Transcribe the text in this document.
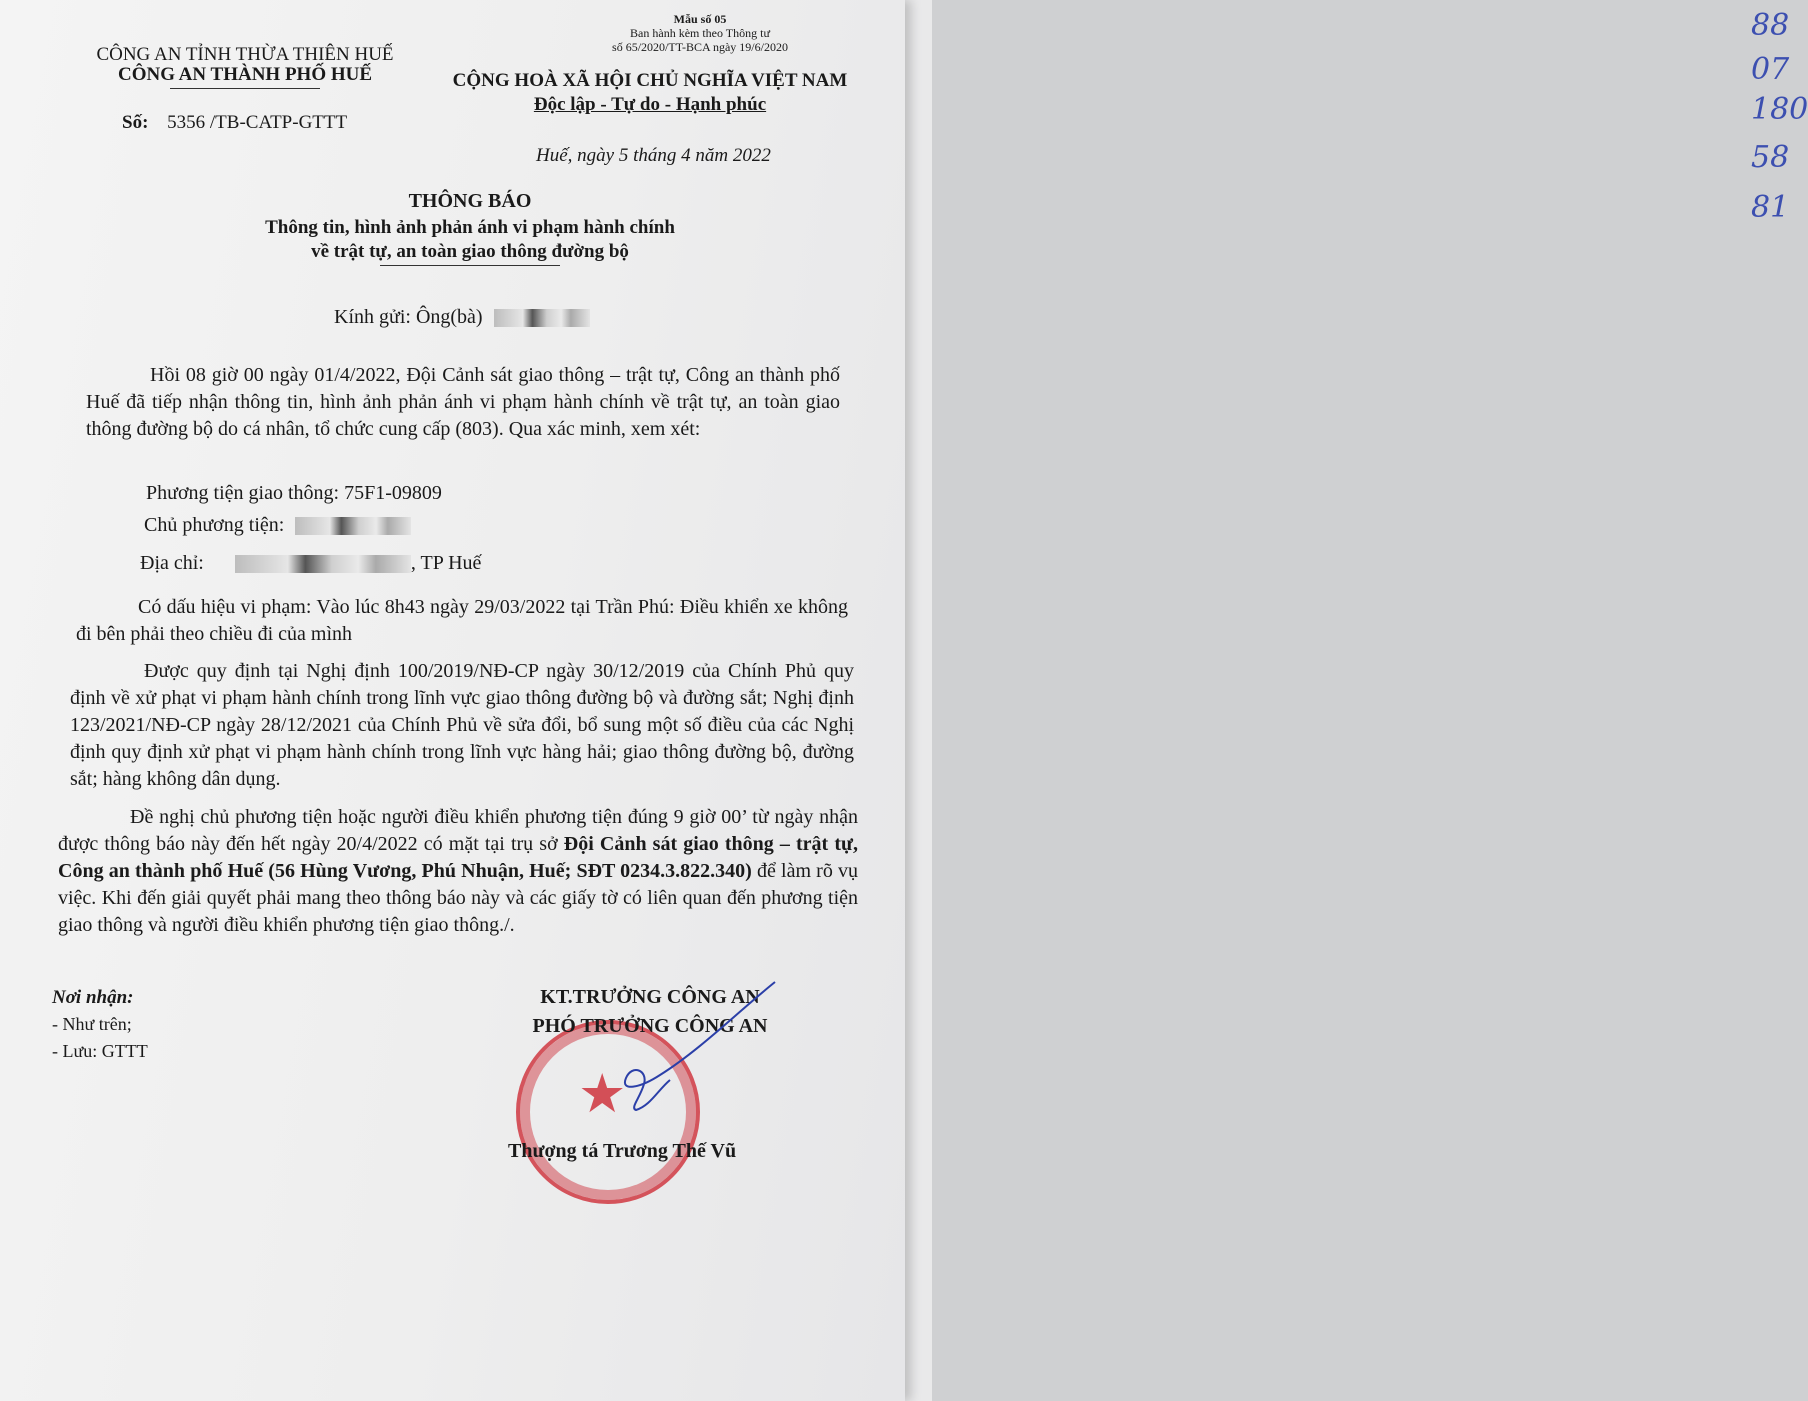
88
07
180
58
81
Mẫu số 05
Ban hành kèm theo Thông tư
số 65/2020/TT-BCA ngày 19/6/2020
CÔNG AN TỈNH THỪA THIÊN HUẾ
CÔNG AN THÀNH PHỐ HUẾ
Số: 5356 /TB-CATP-GTTT
CỘNG HOÀ XÃ HỘI CHỦ NGHĨA VIỆT NAM
Độc lập - Tự do - Hạnh phúc
Huế, ngày 5 tháng 4 năm 2022
THÔNG BÁO
Thông tin, hình ảnh phản ánh vi phạm hành chính
về trật tự, an toàn giao thông đường bộ
Kính gửi: Ông(bà)
Hồi 08 giờ 00 ngày 01/4/2022, Đội Cảnh sát giao thông – trật tự, Công an thành phố Huế đã tiếp nhận thông tin, hình ảnh phản ánh vi phạm hành chính về trật tự, an toàn giao thông đường bộ do cá nhân, tổ chức cung cấp (803). Qua xác minh, xem xét:
Phương tiện giao thông: 75F1-09809
Chủ phương tiện:
Địa chỉ:	, TP Huế
Có dấu hiệu vi phạm: Vào lúc 8h43 ngày 29/03/2022 tại Trần Phú: Điều khiển xe không đi bên phải theo chiều đi của mình
Được quy định tại Nghị định 100/2019/NĐ-CP ngày 30/12/2019 của Chính Phủ quy định về xử phạt vi phạm hành chính trong lĩnh vực giao thông đường bộ và đường sắt; Nghị định 123/2021/NĐ-CP ngày 28/12/2021 của Chính Phủ về sửa đổi, bổ sung một số điều của các Nghị định quy định xử phạt vi phạm hành chính trong lĩnh vực hàng hải; giao thông đường bộ, đường sắt; hàng không dân dụng.
Đề nghị chủ phương tiện hoặc người điều khiển phương tiện đúng 9 giờ 00’ từ ngày nhận được thông báo này đến hết ngày 20/4/2022 có mặt tại trụ sở Đội Cảnh sát giao thông – trật tự, Công an thành phố Huế (56 Hùng Vương, Phú Nhuận, Huế; SĐT 0234.3.822.340) để làm rõ vụ việc. Khi đến giải quyết phải mang theo thông báo này và các giấy tờ có liên quan đến phương tiện giao thông và người điều khiển phương tiện giao thông./.
Nơi nhận:
- Như trên;
- Lưu: GTTT
★
KT.TRƯỞNG CÔNG AN
PHÓ TRƯỞNG CÔNG AN
Thượng tá Trương Thế Vũ
